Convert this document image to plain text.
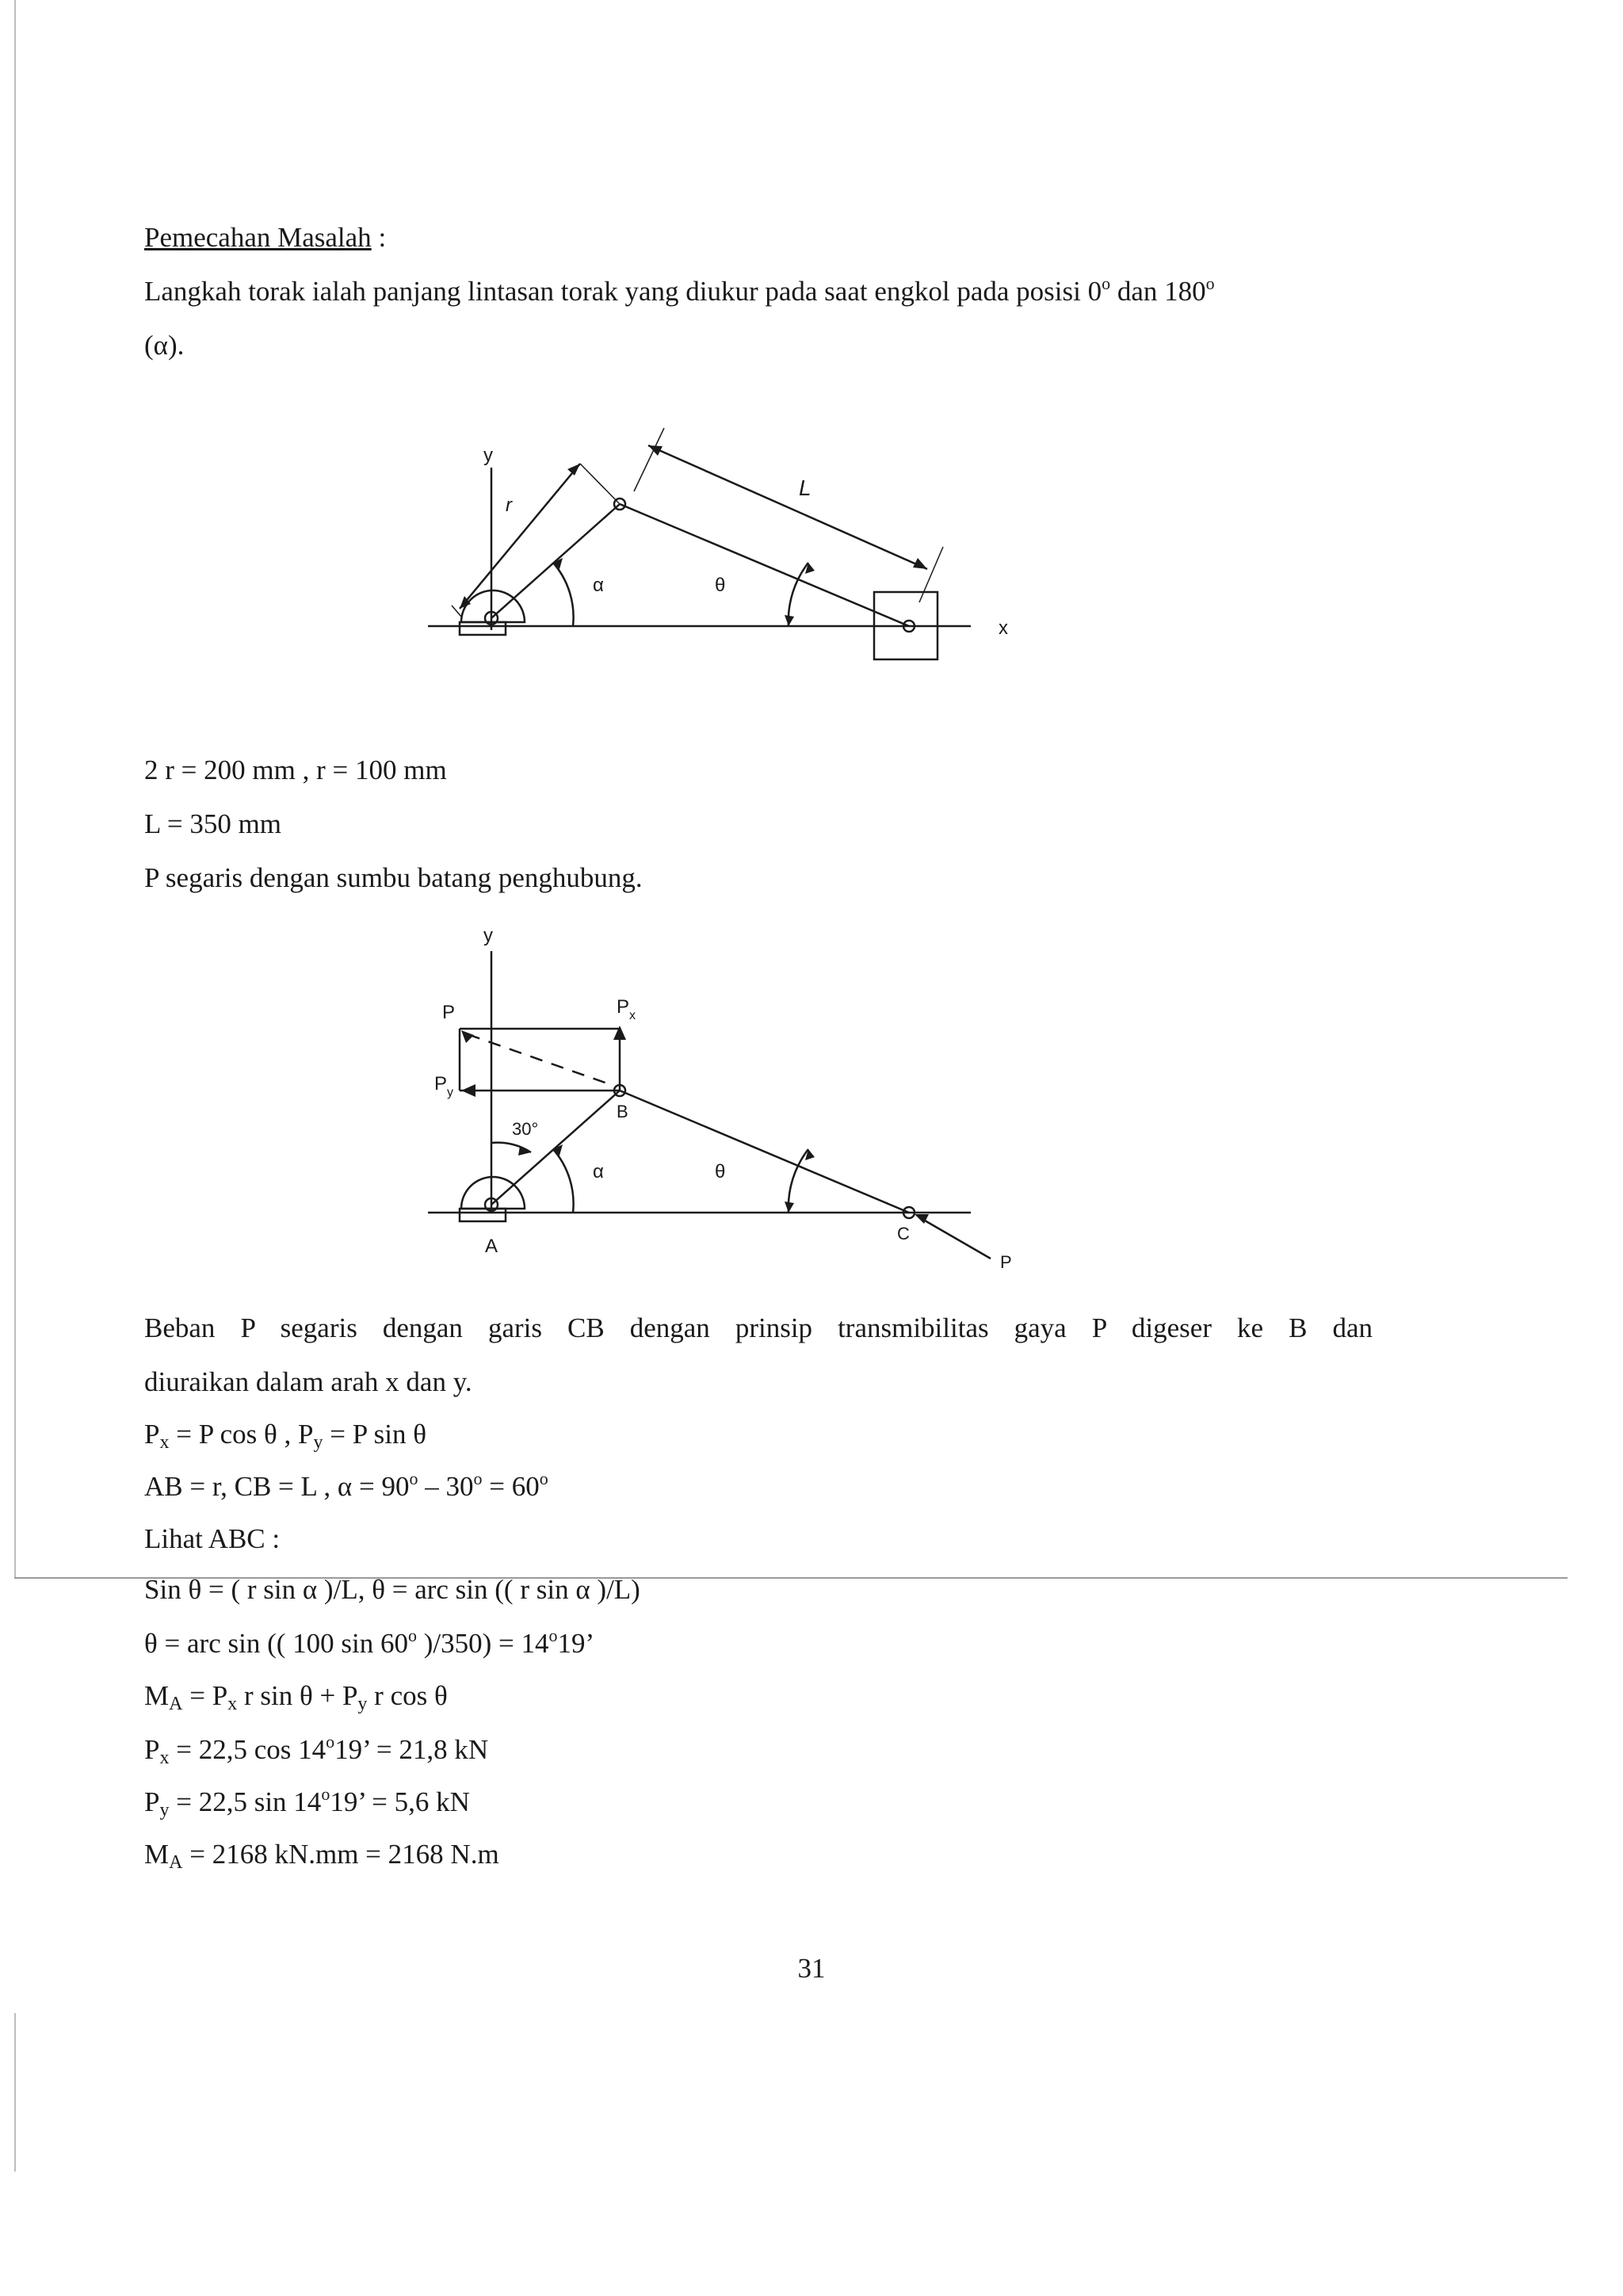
Pemecahan Masalah :
Langkah torak ialah panjang lintasan torak yang diukur pada saat engkol pada posisi 0$^o$ dan 180$^o$
(α).
y
x
r
L
α	θ
2 r = 200 mm , r = 100 mm
L = 350 mm
P segaris dengan sumbu batang penghubung.
y
P	$P_x$
$P_y$
30°
α	θ
A
B
C
P
Beban P segaris dengan garis CB dengan prinsip transmibilitas gaya P digeser ke B dan
diuraikan dalam arah x dan y.
$P_x = P$ cos θ , $P_y = P$ sin θ
AB = r, CB = L , $\alpha = 90^o - 30^o = 60^o$
Lihat ABC :
Sin θ = ( r sin α )/L, θ = arc sin (( r sin α )/L)
θ = arc sin (( 100 sin 60$^o$ )$/350) = 14^o19$’
$M_A = P_x$ r $\sin \theta + P_y$ r cos θ
$P_x = 22,5$ $\cos 14^o19$’ = 21,8 kN
$P_y = 22,5$ $\sin 14^o19$’ = 5,6 kN
$M_A = 2168$ kN.mm = 2168 N.m
31
